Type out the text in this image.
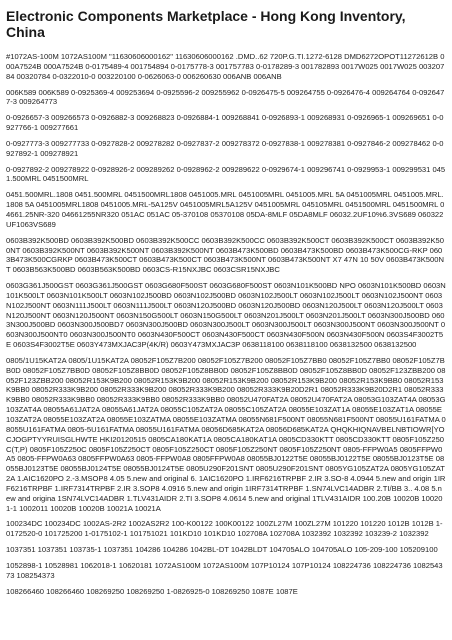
Electronic Components Marketplace - Hong Kong Inventory, China

#1072AS-100M 1072AS100M "11630606000162" 11630606000162 .DMD..62 720P.G.TI.1272-6128 DMD6272OPOT11272612B 000A7524B 000A7524B 0-0175489-4 001754894 0-0175778-3 001757783 0-0178289-3 001782893 0017W025 0017W025 00320784 00320784 0-0322010-0 003220100 0-0626063-0 006260630 006ANB 006ANB

006K589 006K589 0-0925369-4 009253694 0-0925596-2 009255962 0-0926475-5 009264755 0-0926476-4 009264764 0-0926477-3 009264773

0-0926657-3 009266573 0-0926882-3 009268823 0-0926884-1 009268841 0-0926893-1 009268931 0-0926965-1 009269651 0-0927766-1 009277661

0-0927773-3 009277733 0-0927828-2 009278282 0-0927837-2 009278372 0-0927838-1 009278381 0-0927846-2 009278462 0-0927892-1 009278921

0-0927892-2 009278922 0-0928926-2 009289262 0-0928962-2 009289622 0-0929674-1 009296741 0-0929953-1 009299531 0451.500MRL 0451500MRL

0451.500MRL.1808 0451.500MRL 0451500MRL1808 0451005.MRL 0451005MRL 0451005.MRL 5A 0451005MRL 0451005.MRL.1808 5A 0451005MRL1808 0451005.MRL-5A125V 0451005MRL5A125V 0451005MRL 045105MRL 0451500MRL 0451500MRL 04661.25NR-320 04661255NR320 051AC 051AC 05-370108 05370108 05DA-8MLF 05DA8MLF 06032.2UF10%6.3VS689 060322UF1063VS689

0603B392K500BD 0603B392K500BD 0603B392K500CC 0603B392K500CC 0603B392K500CT 0603B392K500CT 0603B392K500NT 0603B392K500NT 0603B392K500NT 0603B392K500NT 0603B473K500BD 0603B473K500BD 0603B473K500CG-RKP 0603B473K500CGRKP 0603B473K500CT 0603B473K500CT 0603B473K500NT 0603B473K500NT X7 47N 10 50V 0603B473K500NT 0603B563K500BD 0603B563K500BD 0603CS-R15NXJBC 0603CSR15NXJBC

0603G361J500GST 0603G361J500GST 0603G680F500ST 0603G680F500ST 0603N101K500BD NPO 0603N101K500BD 0603N101K500LT 0603N101K500LT 0603N102J500BD 0603N102J500BD 0603N102J500LT 0603N102J500LT 0603N102J500NT 0603N102J500NT 0603N111J500LT 0603N111J500LT 0603N120J500BD 0603N120J500BD 0603N120J500LT 0603N120J500LT 0603N120J500NT 0603N120J500NT 0603N150G500LT 0603N150G500LT 0603N201J500LT 0603N201J500LT 0603N300J500BD 0603N300J500BD 0603N300J500BD7 0603N300J500BD 0603N300J500LT 0603N300J500LT 0603N300J500NT 0603N300J500NT 0603N300J500NT0 0603N300J500NT0 0603N430F500CT 0603N430F500CT 0603N430F500N 0603N430F500N 0603S4F3002T5E 0603S4F3002T5E 0603Y473MXJAC3P(4K/R) 0603Y473MXJAC3P 0638118100 0638118100 0638132500 0638132500

0805/1U15KAT2A 0805/1U15KAT2A 08052F105Z7B200 08052F105Z7B200 08052F105Z7BB0 08052F105Z7BB0 08052F105Z7BB0D 08052F105Z7BB0D 08052F105Z8BB0D 08052F105Z8BB0D 08052F105Z8BB0D 08052F105Z8BB0D 08052F123ZBB200 08052F123ZBB200 08052R153K9B200 08052R153K9B200 08052R153K9B200 08052R153K9B200 08052R153K9BB0 08052R153K9BB0 08052R333K9B200 08052R333K9B200 08052R333K9B200 08052R333K9B20D2R1 08052R333K9B20D2R1 08052R333K9BB0 08052R333K9BB0 08052R333K9BB0 08052R333K9BB0 08052U470FAT2A 08052U470FAT2A 08053G103ZAT4A 08053G103ZAT4A 08055A61JAT2A 08055A61JAT2A 08055C105ZAT2A 08055C105ZAT2A 08055E103ZAT1A 08055E103ZAT1A 08055E103ZAT2A 08055E103ZAT2A 08055E103ZATMA 08055E103ZATMA 08055N681F500NT 08055N681F500NT 08055U161FATMA 08055U161FATMA 0805-5U161FATMA 08055U161FATMA 08056D685KAT2A 08056D685KAT2A QHQKHIQNAVBELNBTIOWR[YOCJOGPTYYRUISGLHWTE HKI20120515 0805CA180KAT1A 0805CA180KAT1A 0805CD330KTT 0805CD330KTT 0805F105Z250C(T,P) 0805F105Z250C 0805F105Z250CT 0805F105Z250CT 0805F105Z250NT 0805F105Z250NT 0805-FFPW0A5 0805FFPW0A5 0805-FFPW0A63 0805FFPW0A63 0805-FFPW0A8 0805FFPW0A8 08055BJ0122T5E 08055BJ0122T5E 08055BJ0123T5E 08055BJ0123T5E 08055BJ0124T5E 08055BJ0124T5E 0805U290F201SNT 0805U290F201SNT 0805YG105ZAT2A 0805YG105ZAT2A 1.AIC1620PO 2.-3.MSOP8 4.05 5.new and original 6. 1AIC1620PO 1.IRF6216TRPBF 2.IR 3.SO-8 4.0944 5.new and origin 1IRF6216TRPBF 1.IRF7314TRPBF 2.IR 3.SOP8 4.0916 5.new and origin 1IRF7314TRPBF 1.SN74LVC14ADBR 2.TI/BB 3.. 4.08 5.new and origina 1SN74LVC14ADBR 1.TLV431AIDR 2.TI 3.SOP8 4.0614 5.new and original 1TLV431AIDR 100.20B 10020B 100201-1 1002011 10020B 10020B 10021A 10021A

100234DC 100234DC 1002AS-2R2 1002AS2R2 100-K00122 100K00122 100ZL27M 100ZL27M 101220 101220 1012B 1012B 1-0172520-0 101725200 1-0175102-1 101751021 101KD10 101KD10 102708A 102708A 1032392 1032392 103239-2 1032392

1037351 1037351 103735-1 1037351 104286 104286 1042BL-DT 1042BLDT 104705ALO 104705ALO 105-209-100 105209100

1052898-1 10528981 1062018-1 10620181 1072AS100M 1072AS100M 107P10124 107P10124 108224736 108224736 108254373 108254373

108266460 108266460 108269250 108269250 1-0826925-0 108269250 1087E 1087E
